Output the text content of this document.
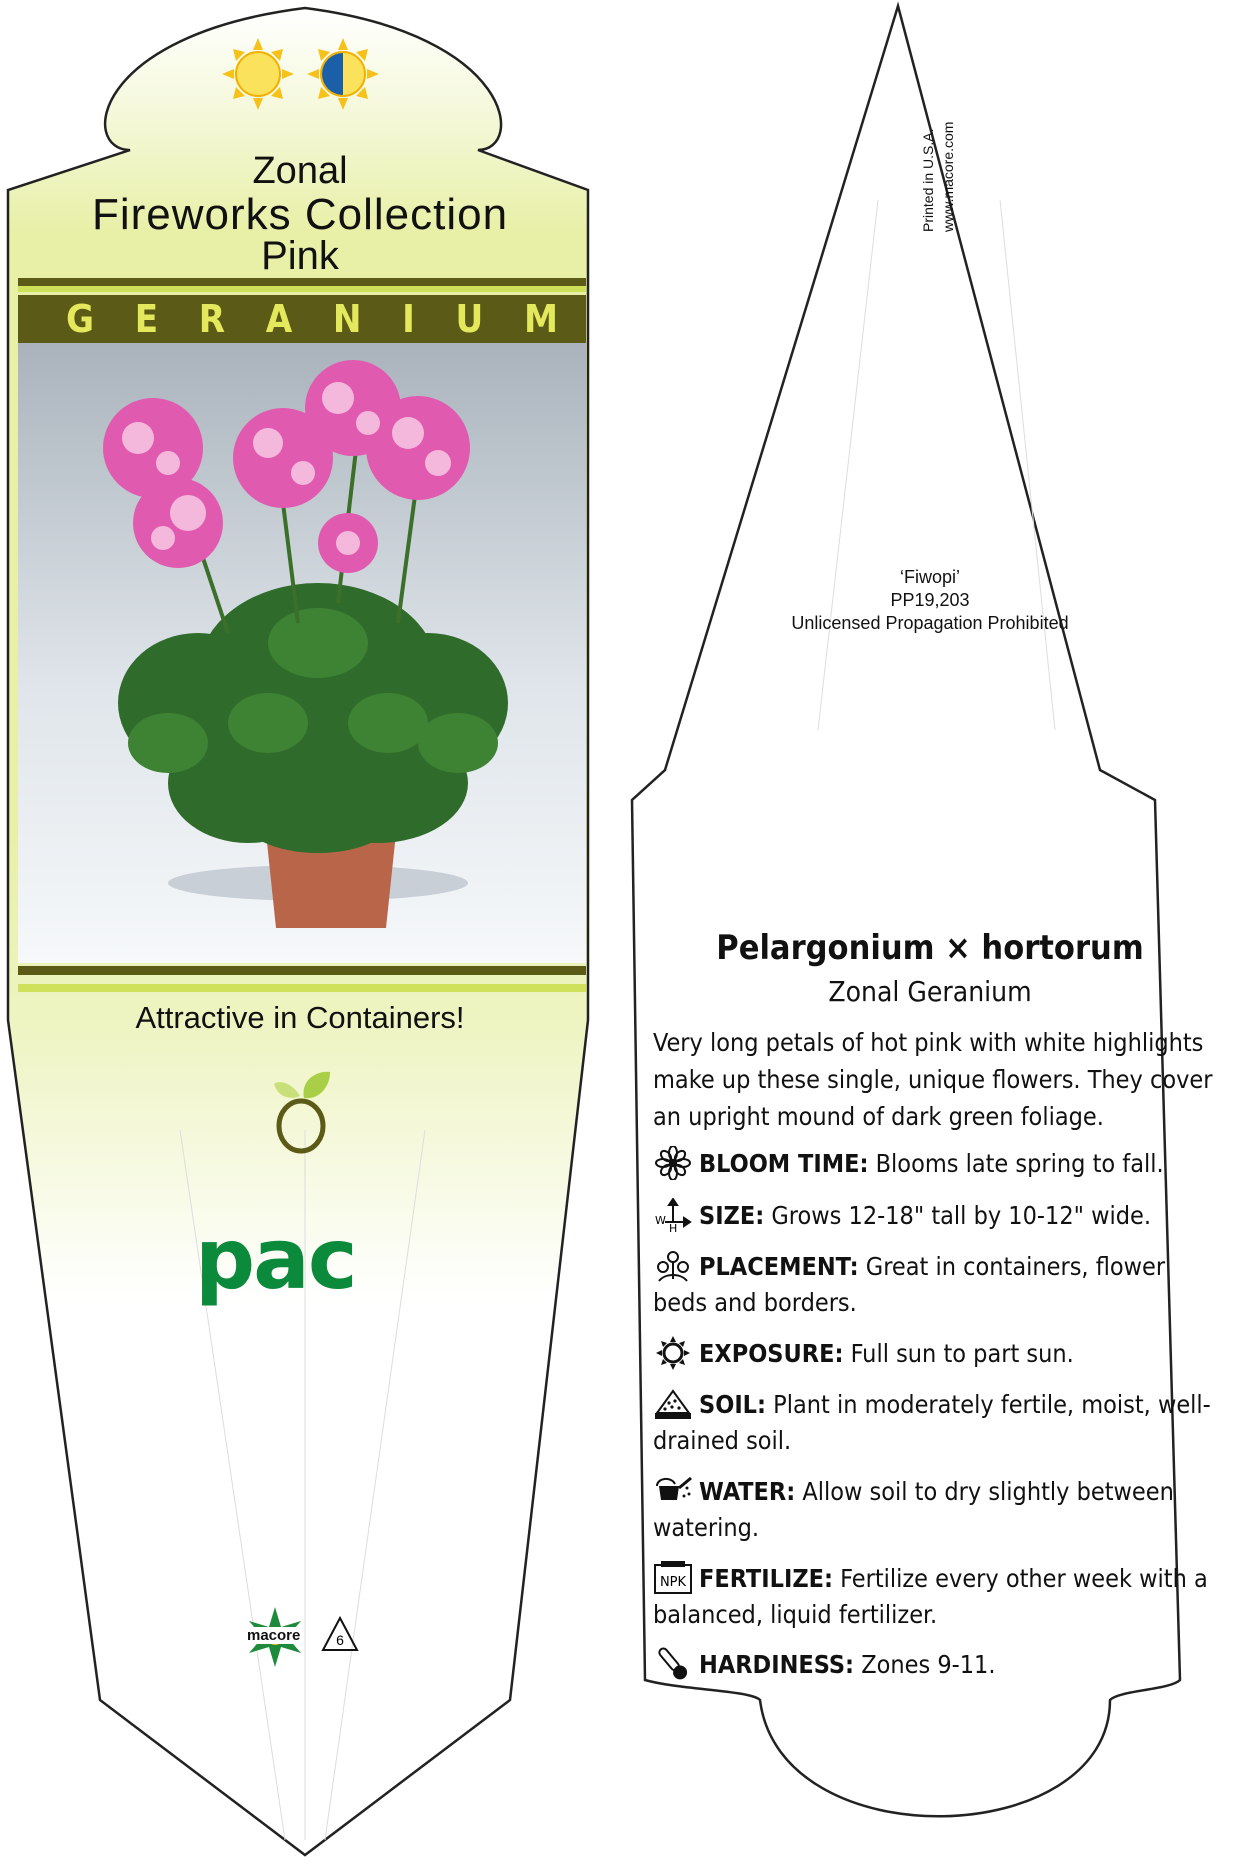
Zonal
Fireworks Collection
Pink
G E R A N I U M
Attractive in Containers!
pac
macore	6
Printed in U.S.A. www.macore.com
‘Fiwopi’
PP19,203
Unlicensed Propagation Prohibited
Pelargonium × hortorum
Zonal Geranium
Very long petals of hot pink with white highlights make up these single, unique flowers. They cover an upright mound of dark green foliage.
BLOOM TIME: Blooms late spring to fall.
W
H SIZE: Grows 12-18" tall by 10-12" wide.
PLACEMENT: Great in containers, flower beds and borders.
EXPOSURE: Full sun to part sun.
SOIL: Plant in moderately fertile, moist, well-drained soil.
WATER: Allow soil to dry slightly between watering.
NPK FERTILIZE: Fertilize every other week with a balanced, liquid fertilizer.
HARDINESS: Zones 9-11.
